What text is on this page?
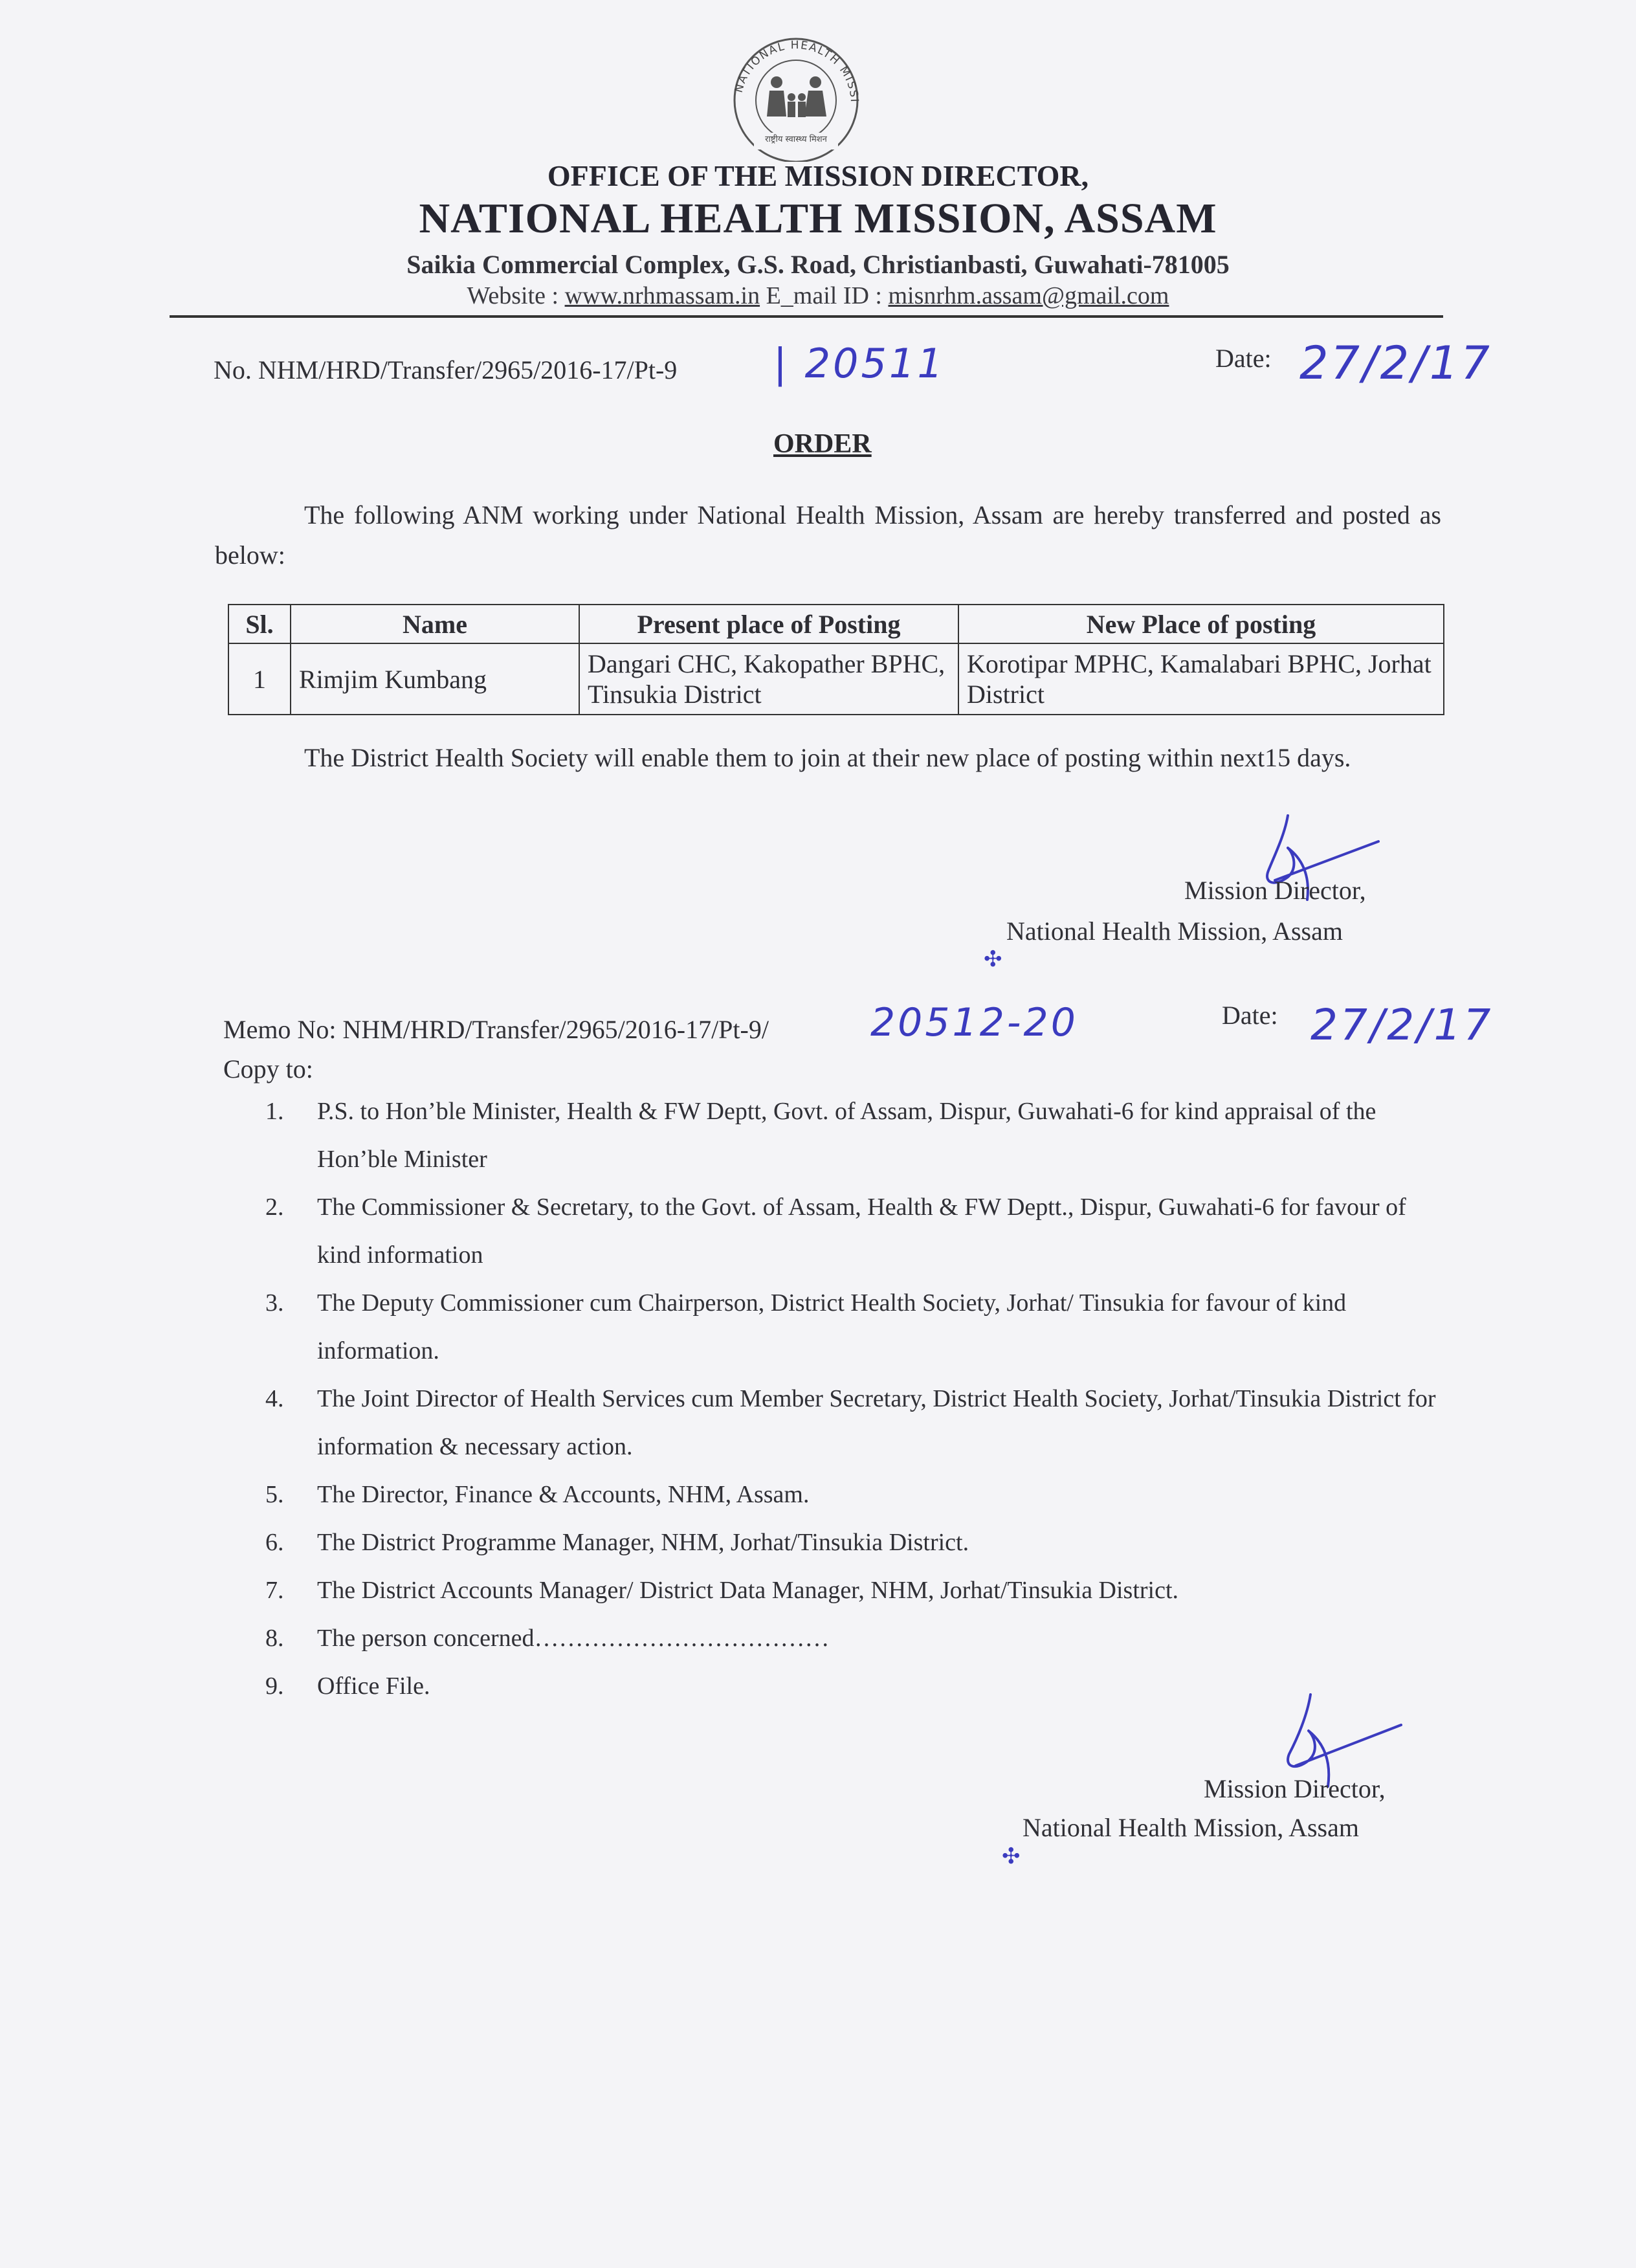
NATIONAL HEALTH MISSI
राष्ट्रीय स्वास्थ्य मिशन
OFFICE OF THE MISSION DIRECTOR,
NATIONAL HEALTH MISSION, ASSAM
Saikia Commercial Complex, G.S. Road, Christianbasti, Guwahati-781005
Website : www.nrhmassam.in E_mail ID : misnrhm.assam@gmail.com
No. NHM/HRD/Transfer/2965/2016-17/Pt-9 | 20511	Date: 27/2/17
ORDER
The following ANM working under National Health Mission, Assam are hereby transferred and posted as below:
Sl.	Name	Present place of Posting	New Place of posting
1	Rimjim Kumbang	Dangari CHC, Kakopather BPHC, Tinsukia District	Korotipar MPHC, Kamalabari BPHC, Jorhat District
The District Health Society will enable them to join at their new place of posting within next15 days.
Mission Director,
National Health Mission, Assam
✣
Memo No: NHM/HRD/Transfer/2965/2016-17/Pt-9/	20512-20	Date: 27/2/17
Copy to:
1. P.S. to Hon’ble Minister, Health & FW Deptt, Govt. of Assam, Dispur, Guwahati-6 for kind appraisal of the Hon’ble Minister
2. The Commissioner & Secretary, to the Govt. of Assam, Health & FW Deptt., Dispur, Guwahati-6 for favour of kind information
3. The Deputy Commissioner cum Chairperson, District Health Society, Jorhat/ Tinsukia for favour of kind information.
4. The Joint Director of Health Services cum Member Secretary, District Health Society, Jorhat/Tinsukia District for information & necessary action.
5. The Director, Finance & Accounts, NHM, Assam.
6. The District Programme Manager, NHM, Jorhat/Tinsukia District.
7. The District Accounts Manager/ District Data Manager, NHM, Jorhat/Tinsukia District.
8. The person concerned………………………………
9. Office File.
Mission Director,
National Health Mission, Assam
✣
